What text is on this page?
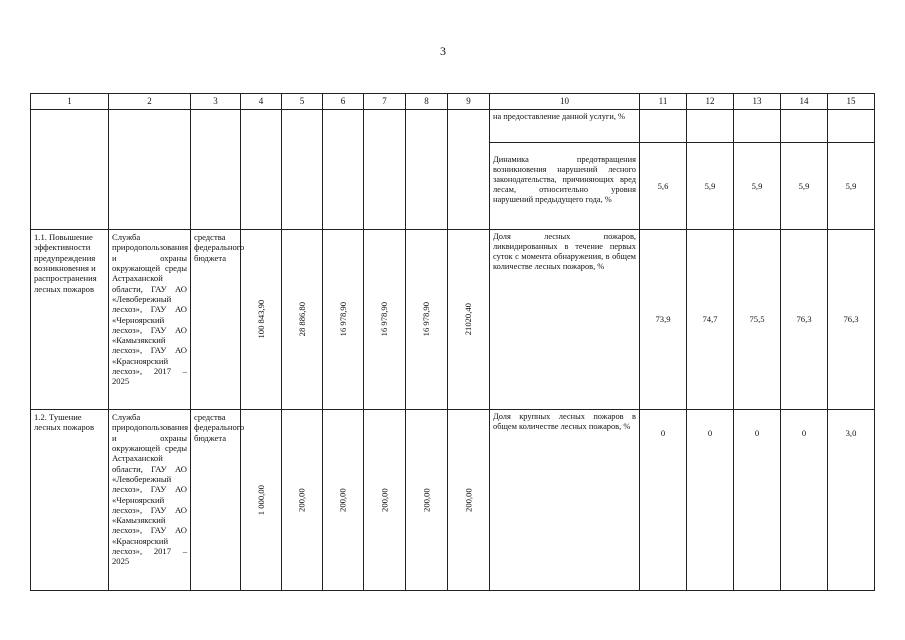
3
1	2	3	4	5	6	7	8	9	10	11	12	13	14	15
									на предоставление данной услуги, %					
									Динамика предотвращения возникновения нарушений лесного законодательства, причиняющих вред лесам, относительно уровня нарушений предыдущего года, %	5,6	5,9	5,9	5,9	5,9
1.1. Повышение эффективности предупреждения возникновения и распространения лесных пожаров	Служба природопользования и охраны окружающей среды Астраханской области, ГАУ АО «Левобережный лесхоз», ГАУ АО «Черноярский лесхоз», ГАУ АО «Камызякский лесхоз», ГАУ АО «Красноярский лесхоз», 2017 – 2025	средства федерального бюджета	100 843,90	28 886,80	16 978,90	16 978,90	16 978,90	21020,40	Доля лесных пожаров, ликвидированных в течение первых суток с момента обнаружения, в общем количестве лесных пожаров, %	73,9	74,7	75,5	76,3	76,3
1.2. Тушение лесных пожаров	Служба природопользования и охраны окружающей среды Астраханской области, ГАУ АО «Левобережный лесхоз», ГАУ АО «Черноярский лесхоз», ГАУ АО «Камызякский лесхоз», ГАУ АО «Красноярский лесхоз», 2017 – 2025	средства федерального бюджета	1 000,00	200,00	200,00	200,00	200,00	200,00	Доля крупных лесных пожаров в общем количестве лесных пожаров, %	0	0	0	0	3,0
